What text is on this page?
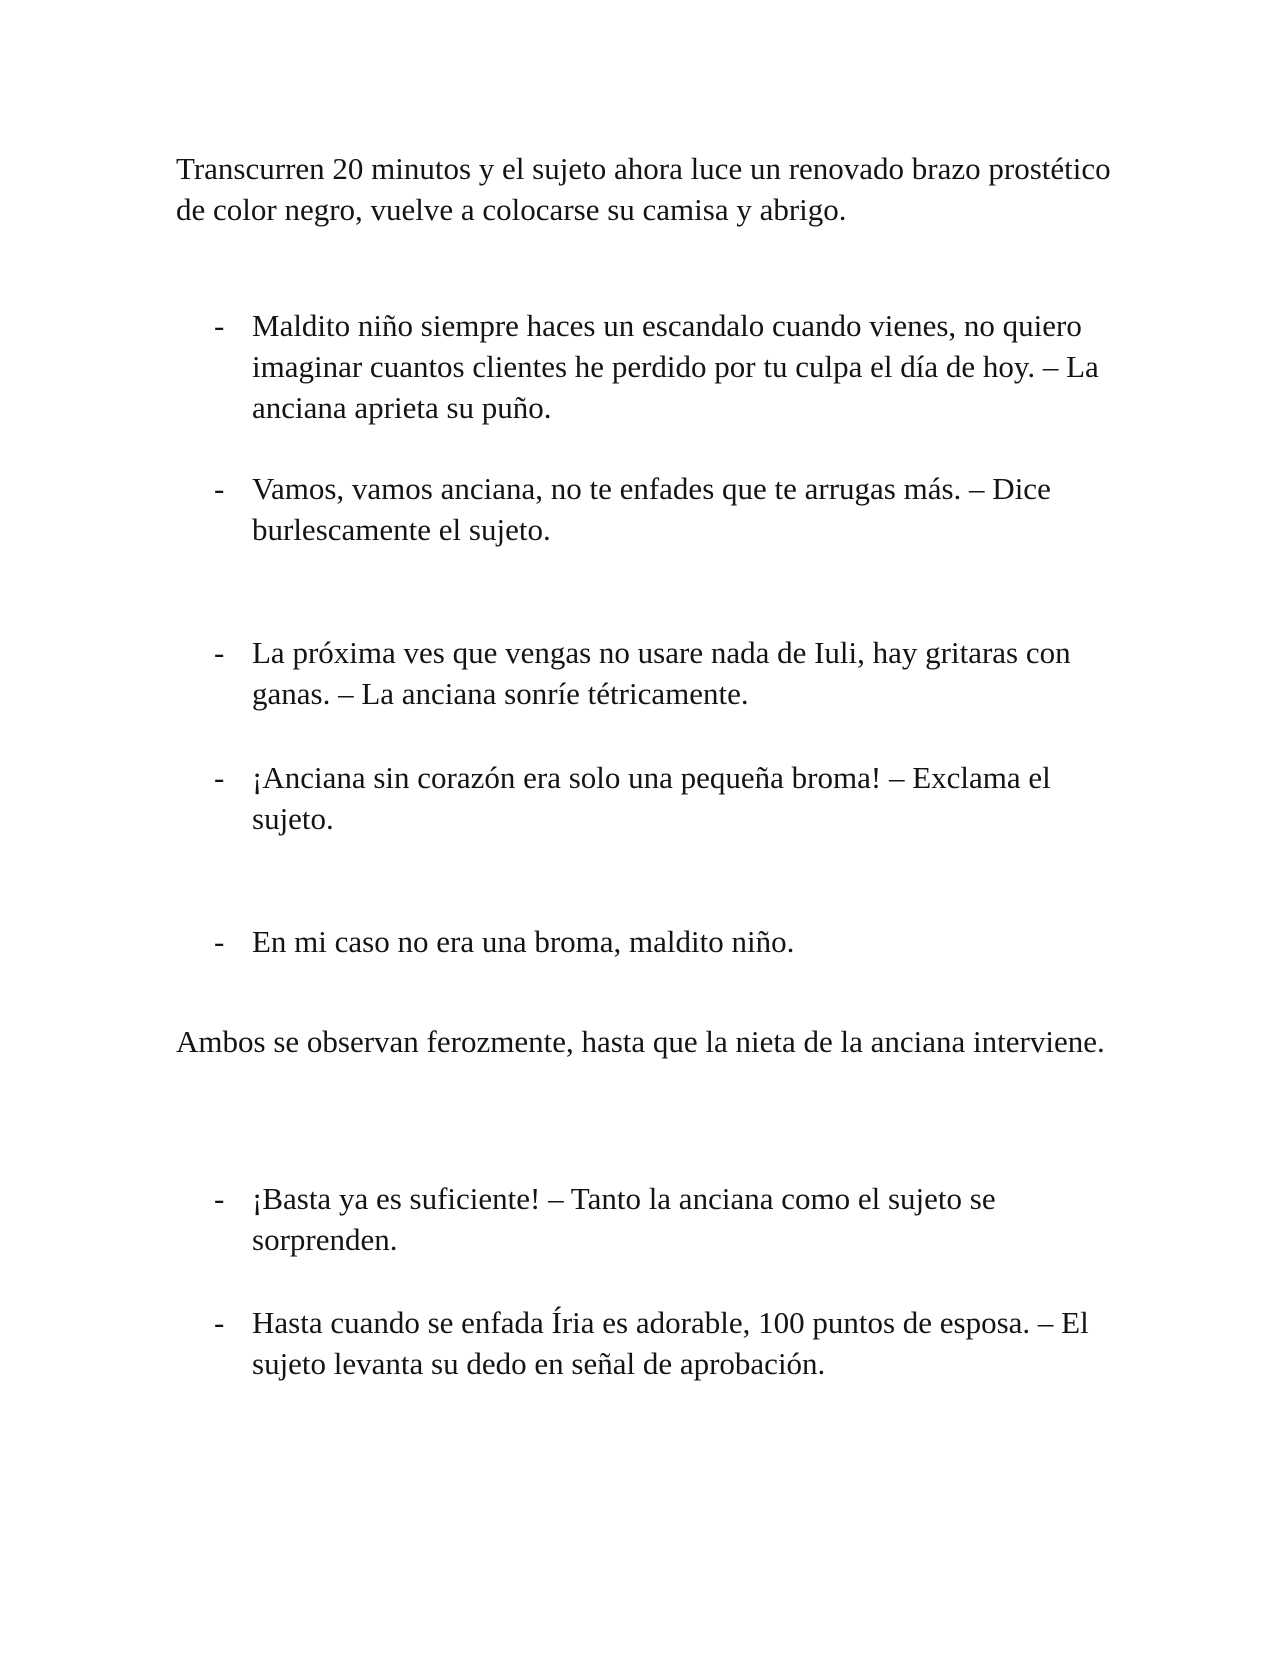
Transcurren 20 minutos y el sujeto ahora luce un renovado brazo prostético de color negro, vuelve a colocarse su camisa y abrigo.

- Maldito niño siempre haces un escandalo cuando vienes, no quiero imaginar cuantos clientes he perdido por tu culpa el día de hoy. – La anciana aprieta su puño.
- Vamos, vamos anciana, no te enfades que te arrugas más. – Dice burlescamente el sujeto.
- La próxima ves que vengas no usare nada de Iuli, hay gritaras con ganas. – La anciana sonríe tétricamente.
- ¡Anciana sin corazón era solo una pequeña broma! – Exclama el sujeto.
- En mi caso no era una broma, maldito niño.

Ambos se observan ferozmente, hasta que la nieta de la anciana interviene.

- ¡Basta ya es suficiente! – Tanto la anciana como el sujeto se sorprenden.
- Hasta cuando se enfada Íria es adorable, 100 puntos de esposa. – El sujeto levanta su dedo en señal de aprobación.
